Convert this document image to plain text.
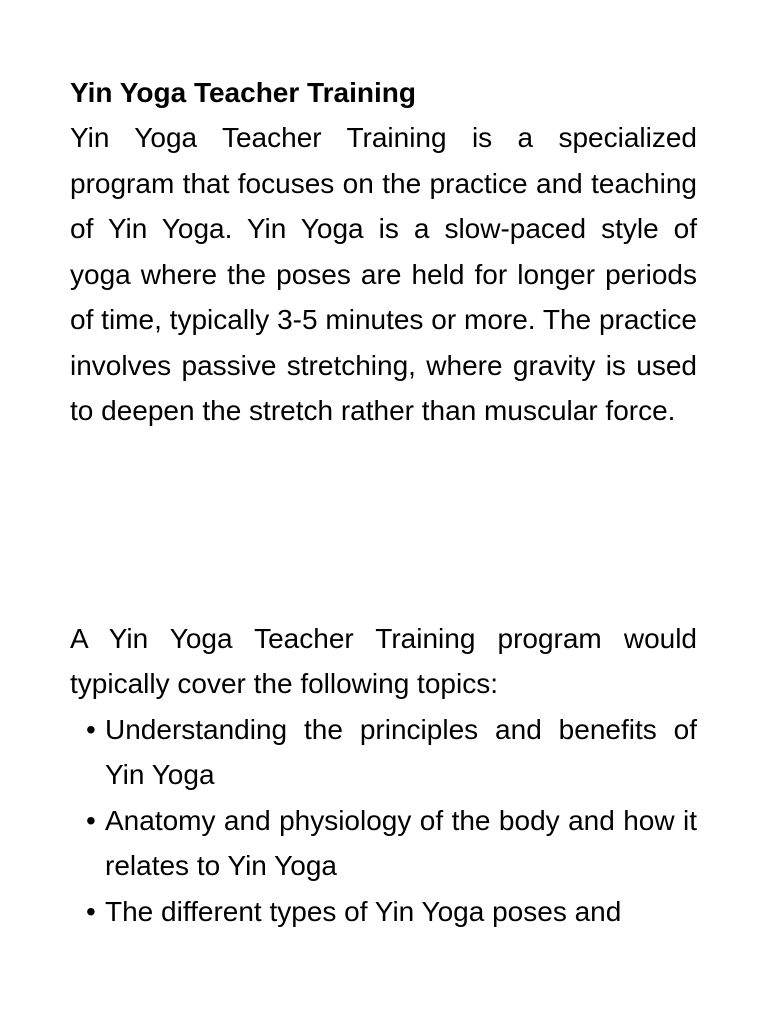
Yin Yoga Teacher Training

Yin Yoga Teacher Training is a specialized program that focuses on the practice and teaching of Yin Yoga. Yin Yoga is a slow-paced style of yoga where the poses are held for longer periods of time, typically 3-5 minutes or more. The practice involves passive stretching, where gravity is used to deepen the stretch rather than muscular force.

A Yin Yoga Teacher Training program would typically cover the following topics:

• Understanding the principles and benefits of Yin Yoga
• Anatomy and physiology of the body and how it relates to Yin Yoga
• The different types of Yin Yoga poses and
